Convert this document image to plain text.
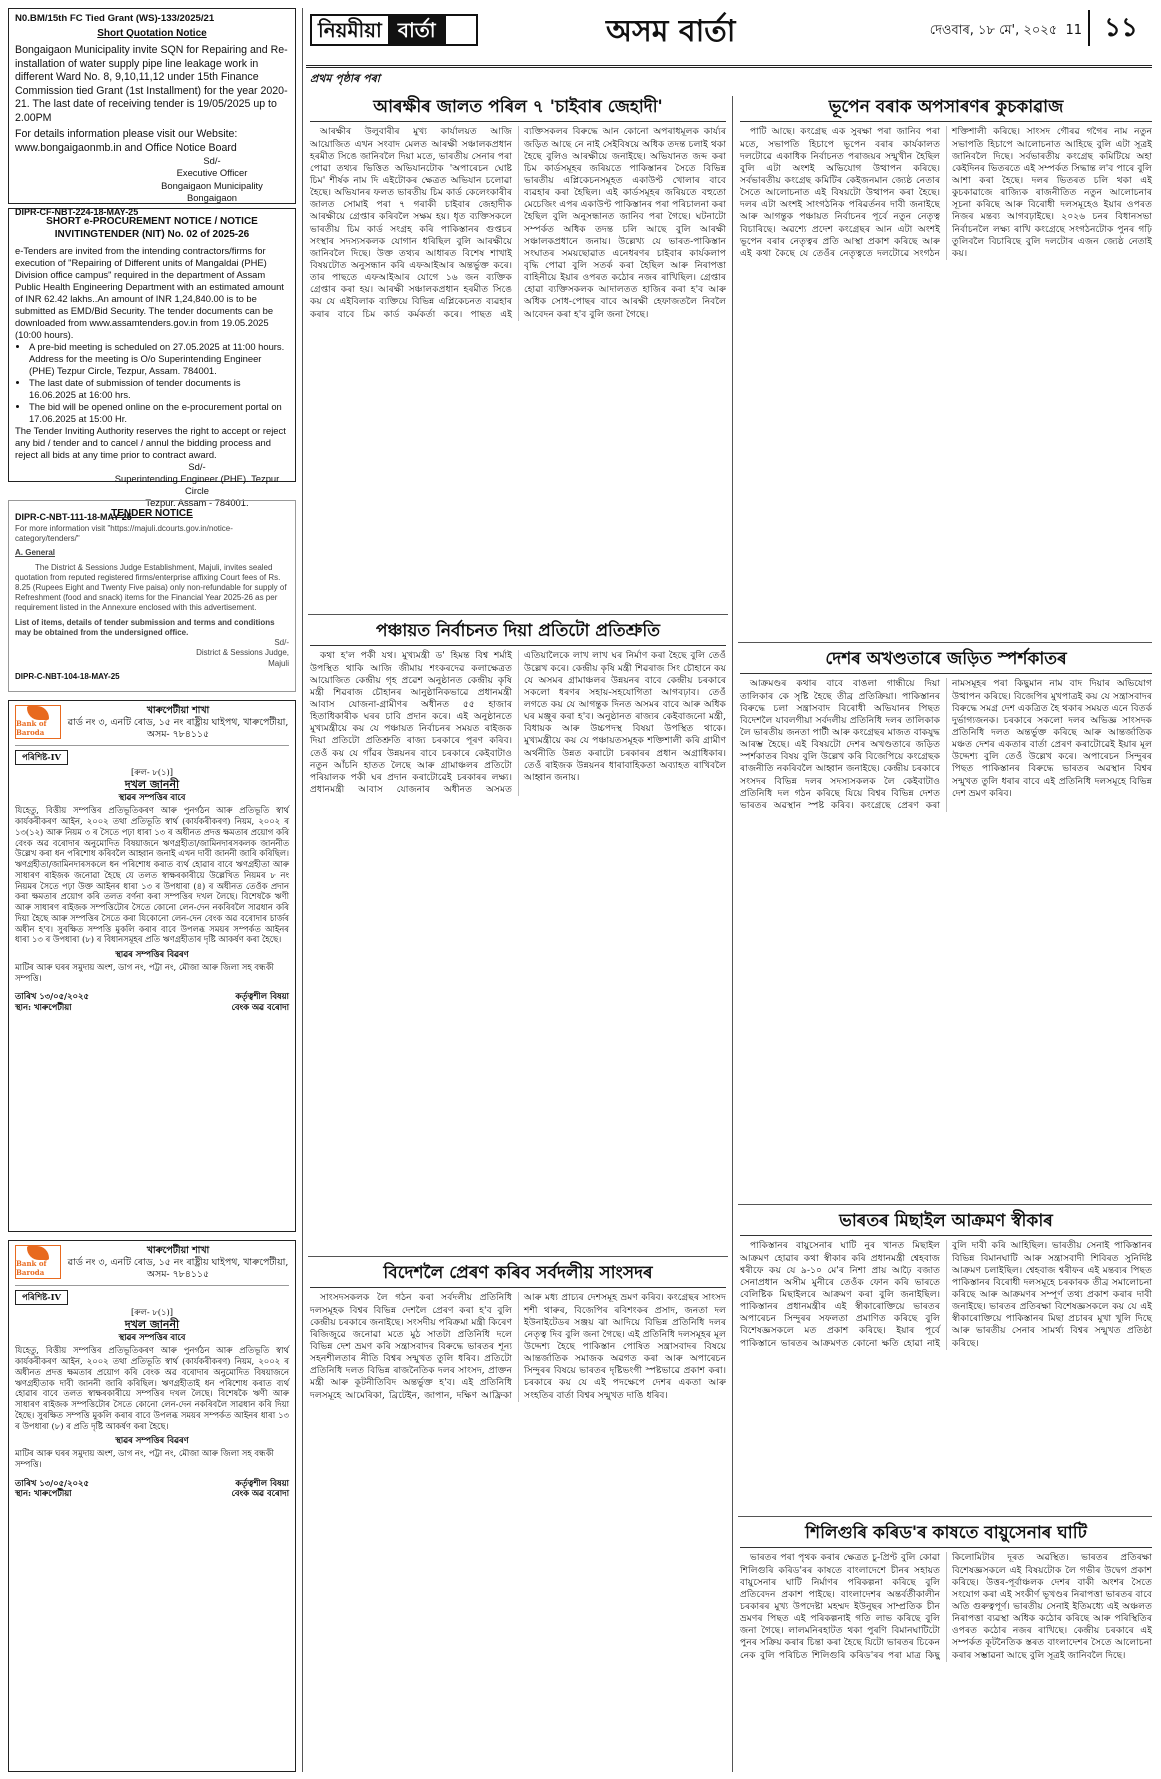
নিয়মীয়া বাৰ্তা	অসম বাৰ্তা	দেওবাৰ, ১৮ মে', ২০২৫ 11 ১১
প্ৰথম পৃষ্ঠাৰ পৰা
N0.BM/15th FC Tied Grant (WS)-133/2025/21
Short Quotation Notice

Bongaigaon Municipality invite SQN for Repairing and Re-installation of water supply pipe line leakage work in different Ward No. 8, 9,10,11,12 under 15th Finance Commission tied Grant (1st Installment) for the year 2020-21. The last date of receiving tender is 19/05/2025 up to 2.00PM

For details information please visit our Website: www.bongaigaonmb.in and Office Notice Board

Sd/-
Executive Officer
Bongaigaon Municipality
Bongaigaon
DIPR-CF-NBT-224-18-MAY-25
SHORT e-PROCUREMENT NOTICE / NOTICE INVITINGTENDER (NIT) No. 02 of 2025-26

e-Tenders are invited from the intending contractors/firms for execution of "Repairing of Different units of Mangaldai (PHE) Division office campus" required in the department of Assam Public Health Engineering Department with an estimated amount of INR 62.42 lakhs..An amount of INR 1,24,840.00 is to be submitted as EMD/Bid Security. The tender documents can be downloaded from www.assamtenders.gov.in from 19.05.2025 (10:00 hours).

• A pre-bid meeting is scheduled on 27.05.2025 at 11:00 hours. Address for the meeting is O/o Superintending Engineer (PHE) Tezpur Circle, Tezpur, Assam. 784001.
• The last date of submission of tender documents is 16.06.2025 at 16:00 hrs.
• The bid will be opened online on the e-procurement portal on 17.06.2025 at 15:00 Hr.

The Tender Inviting Authority reserves the right to accept or reject any bid / tender and to cancel / annul the bidding process and reject all bids at any time prior to contract award.

Sd/-
Superintending Engineer (PHE). Tezpur Circle
Tezpur. Assam - 784001.
DIPR-C-NBT-111-18-MAY-25
TENDER NOTICE
For more information visit "https://majuli.dcourts.gov.in/notice-category/tenders/"
A. General

The District & Sessions Judge Establishment, Majuli, invites sealed quotation from reputed registered firms/enterprise affixing Court fees of Rs. 8.25 (Rupees Eight and Twenty Five paisa) only non-refundable for supply of Refreshment (food and snack) items for the Financial Year 2025-26 as per requirement listed in the Annexure enclosed with this advertisement.

List of items, details of tender submission and terms and conditions may be obtained from the undersigned office.

Sd/-
District & Sessions Judge,
Majuli
DIPR-C-NBT-104-18-MAY-25
Bank of Baroda
খাৰুপেটীয়া শাখা
ৱাৰ্ড নং ৩, এনটি ৰোড, ১৫ নং ৰাষ্ট্ৰীয় ঘাইপথ, খাৰুপেটীয়া, অসম- ৭৮৪১১৫
পৰিশিষ্ট-IV
[ৰুল- ৮(১)]
দখল জাননী
স্থাৱৰ সম্পত্তিৰ বাবে

যিহেতু, বিত্তীয় সম্পত্তিৰ প্ৰতিভূতিকৰণ আৰু পুনৰ্গঠন আৰু প্ৰতিভূতি স্বাৰ্থ কাৰ্যকৰীকৰণ আইন, ২০০২ তথা প্ৰতিভূতি স্বাৰ্থ (কাৰ্যকৰীকৰণ) নিয়ম, ২০০২ ৰ ১৩(১২) আৰু নিয়ম ৩ ৰ সৈতে পঢ়া ধাৰা ১৩ ৰ অধীনত প্ৰদত্ত ক্ষমতাৰ প্ৰয়োগ কৰি বেংক অৱ বৰোদাৰ অনুমোদিত বিষয়াজনে ঋণগ্ৰহীতা/জামিনদাৰসকলক জাননীত উল্লেখ কৰা ধন পৰিশোধ কৰিবলৈ আহ্বান জনাই এখন দাবী জাননী জাৰি কৰিছিল। ঋণগ্ৰহীতা/জামিনদাৰসকলে ধন পৰিশোধ কৰাত ব্যৰ্থ হোৱাৰ বাবে ঋণগ্ৰহীতা আৰু সাধাৰণ ৰাইজক জনোৱা হৈছে যে তলত স্বাক্ষৰকাৰীয়ে উল্লেখিত নিয়মৰ ৮ নং নিয়মৰ সৈতে পঢ়া উক্ত আইনৰ ধাৰা ১৩ ৰ উপধাৰা (৪) ৰ অধীনত তেওঁক প্ৰদান কৰা ক্ষমতাৰ প্ৰয়োগ কৰি তলত বৰ্ণনা কৰা সম্পত্তিৰ দখল লৈছে। বিশেষকৈ ঋণী আৰু সাধাৰণ ৰাইজক সম্পত্তিটোৰ সৈতে কোনো লেন-দেন নকৰিবলৈ সাৱধান কৰি দিয়া হৈছে আৰু সম্পত্তিৰ সৈতে কৰা যিকোনো লেন-দেন বেংক অৱ বৰোদাৰ চাৰ্জৰ অধীন হ'ব। সুৰক্ষিত সম্পত্তি মুকলি কৰাৰ বাবে উপলব্ধ সময়ৰ সম্পৰ্কত আইনৰ ধাৰা ১৩ ৰ উপধাৰা (৮) ৰ বিধানসমূহৰ প্ৰতি ঋণগ্ৰহীতাৰ দৃষ্টি আকৰ্ষণ কৰা হৈছে।

স্থাৱৰ সম্পত্তিৰ বিৱৰণ

মাটিৰ আৰু ঘৰৰ সমুদায় অংশ, ডাগ নং, পট্টা নং, মৌজা আৰু জিলা সহ বন্ধকী সম্পত্তি।

তাৰিখ ১৩/০৫/২০২৫
স্থান: খাৰুপেটীয়া
কৰ্তৃত্বশীল বিষয়া
বেংক অৱ বৰোদা
Bank of Baroda
খাৰুপেটীয়া শাখা
ৱাৰ্ড নং ৩, এনটি ৰোড, ১৫ নং ৰাষ্ট্ৰীয় ঘাইপথ, খাৰুপেটীয়া, অসম- ৭৮৪১১৫
পৰিশিষ্ট-IV
[ৰুল- ৮(১)]
দখল জাননী
স্থাৱৰ সম্পত্তিৰ বাবে

যিহেতু, বিত্তীয় সম্পত্তিৰ প্ৰতিভূতিকৰণ আৰু পুনৰ্গঠন আৰু প্ৰতিভূতি স্বাৰ্থ কাৰ্যকৰীকৰণ আইন, ২০০২ তথা প্ৰতিভূতি স্বাৰ্থ (কাৰ্যকৰীকৰণ) নিয়ম, ২০০২ ৰ অধীনত প্ৰদত্ত ক্ষমতাৰ প্ৰয়োগ কৰি বেংক অৱ বৰোদাৰ অনুমোদিত বিষয়াজনে ঋণগ্ৰহীতাক দাবী জাননী জাৰি কৰিছিল। ঋণগ্ৰহীতাই ধন পৰিশোধ কৰাত ব্যৰ্থ হোৱাৰ বাবে তলত স্বাক্ষৰকাৰীয়ে সম্পত্তিৰ দখল লৈছে। বিশেষকৈ ঋণী আৰু সাধাৰণ ৰাইজক সম্পত্তিটোৰ সৈতে কোনো লেন-দেন নকৰিবলৈ সাৱধান কৰি দিয়া হৈছে। সুৰক্ষিত সম্পত্তি মুকলি কৰাৰ বাবে উপলব্ধ সময়ৰ সম্পৰ্কত আইনৰ ধাৰা ১৩ ৰ উপধাৰা (৮) ৰ প্ৰতি দৃষ্টি আকৰ্ষণ কৰা হৈছে।

স্থাৱৰ সম্পত্তিৰ বিৱৰণ

মাটিৰ আৰু ঘৰৰ সমুদায় অংশ, ডাগ নং, পট্টা নং, মৌজা আৰু জিলা সহ বন্ধকী সম্পত্তি।

তাৰিখ ১৩/০৫/২০২৫
স্থান: খাৰুপেটীয়া
কৰ্তৃত্বশীল বিষয়া
বেংক অৱ বৰোদা
আৰক্ষীৰ জালত পৰিল ৭ 'চাইবাৰ জেহাদী'

আৰক্ষীৰ উলুবাৰীৰ মুখ্য কাৰ্যালয়ত আজি আয়োজিত এখন সংবাদ মেলত আৰক্ষী সঞ্চালকপ্ৰধান হৰমীত সিঙে জানিবলৈ দিয়া মতে, ভাৰতীয় সেনাৰ পৰা পোৱা তথ্যৰ ভিত্তিত অভিযানটোক 'অপাৰেচন ঘোষ্ট চিম' শীৰ্ষক নাম দি এইটোকৰ ক্ষেত্ৰত অভিযান চলোৱা হৈছে। অভিযানৰ ফলত ভাৰতীয় চিম কাৰ্ড কেলেংকাৰীৰ জালত সোমাই পৰা ৭ গৰাকী চাইবাৰ জেহাদীক আৰক্ষীয়ে গ্ৰেপ্তাৰ কৰিবলৈ সক্ষম হয়। ধৃত ব্যক্তিসকলে ভাৰতীয় চিম কাৰ্ড সংগ্ৰহ কৰি পাকিস্তানৰ গুপ্তচৰ সংস্থাৰ সদস্যসকলক যোগান ধৰিছিল বুলি আৰক্ষীয়ে জানিবলৈ দিছে। উক্ত তথ্যৰ আধাৰত বিশেষ শাখাই বিষয়টোত অনুসন্ধান কৰি এফআইআৰ অন্তৰ্ভুক্ত কৰে। তাৰ পাছতে এফআইআৰ যোগে ১৬ জন ব্যক্তিক গ্ৰেপ্তাৰ কৰা হয়। আৰক্ষী সঞ্চালকপ্ৰধান হৰমীত সিঙে কয় যে এইবিলাক ব্যক্তিয়ে বিভিন্ন এপ্লিকেচনত ব্যৱহাৰ কৰাৰ বাবে চিম কাৰ্ড কৰ্মকৰ্তা কৰে। পাছত এই ব্যক্তিসকলৰ বিৰুদ্ধে আন কোনো অপৰাধমূলক কাৰ্য্যৰ জড়িত আছে নে নাই সেইবিষয়ে অধিক তদন্ত চলাই থকা হৈছে বুলিও আৰক্ষীয়ে জনাইছে। অভিযানত জব্দ কৰা চিম কাৰ্ডসমূহৰ জৰিয়তে পাকিস্তানৰ সৈতে বিভিন্ন ভাৰতীয় এপ্লিকেচনসমূহত একাউণ্ট খোলাৰ বাবে ব্যৱহাৰ কৰা হৈছিল। এই কাৰ্ডসমূহৰ জৰিয়তে বহুতো মেচেজিং এপৰ একাউণ্ট পাকিস্তানৰ পৰা পৰিচালনা কৰা হৈছিল বুলি অনুসন্ধানত জানিব পৰা গৈছে। ঘটনাটো সম্পৰ্কত অধিক তদন্ত চলি আছে বুলি আৰক্ষী সঞ্চালকপ্ৰধানে জনায়। উল্লেখ্য যে ভাৰত-পাকিস্তান সংঘাতৰ সময়ছোৱাত এনেধৰণৰ চাইবাৰ কাৰ্যকলাপ বৃদ্ধি পোৱা বুলি সতৰ্ক কৰা হৈছিল আৰু নিৰাপত্তা বাহিনীয়ে ইয়াৰ ওপৰত কঠোৰ নজৰ ৰাখিছিল। গ্ৰেপ্তাৰ হোৱা ব্যক্তিসকলক আদালতত হাজিৰ কৰা হ'ব আৰু অধিক সোধ-পোছৰ বাবে আৰক্ষী হেফাজতলৈ নিবলৈ আবেদন কৰা হ'ব বুলি জনা গৈছে।

পঞ্চায়ত নিৰ্বাচনত দিয়া প্ৰতিটো প্ৰতিশ্ৰুতি

কথা হ'ল পৰ্কী যথ। মুখ্যমন্ত্ৰী ড' হিমন্ত বিশ্ব শৰ্মাই উপস্থিত থাকি আজি জীমায় শংকৰদেৱ কলাক্ষেত্ৰত আয়োজিত কেন্দ্ৰীয় গৃহ প্ৰৱেশ অনুষ্ঠানত কেন্দ্ৰীয় কৃষি মন্ত্ৰী শিৱৰাজ চৌহানৰ আনুষ্ঠানিকভাৱে প্ৰধানমন্ত্ৰী আবাস যোজনা-গ্ৰামীণৰ অধীনত ৫৫ হাজাৰ হিতাধিকাৰীক ঘৰৰ চাবি প্ৰদান কৰে। এই অনুষ্ঠানতে মুখ্যমন্ত্ৰীয়ে কয় যে পঞ্চায়ত নিৰ্বাচনৰ সময়ত ৰাইজক দিয়া প্ৰতিটো প্ৰতিশ্ৰুতি ৰাজ্য চৰকাৰে পূৰণ কৰিব। তেওঁ কয় যে গাঁৱৰ উন্নয়নৰ বাবে চৰকাৰে কেইবাটাও নতুন আঁচনি হাতত লৈছে আৰু গ্ৰামাঞ্চলৰ প্ৰতিটো পৰিয়ালক পকী ঘৰ প্ৰদান কৰাটোৱেই চৰকাৰৰ লক্ষ্য। প্ৰধানমন্ত্ৰী আবাস যোজনাৰ অধীনত অসমত এতিয়ালৈকে লাখ লাখ ঘৰ নিৰ্মাণ কৰা হৈছে বুলি তেওঁ উল্লেখ কৰে। কেন্দ্ৰীয় কৃষি মন্ত্ৰী শিৱৰাজ সিং চৌহানে কয় যে অসমৰ গ্ৰামাঞ্চলৰ উন্নয়নৰ বাবে কেন্দ্ৰীয় চৰকাৰে সকলো ধৰণৰ সহায়-সহযোগিতা আগবঢ়াব। তেওঁ লগতে কয় যে আগন্তুক দিনত অসমৰ বাবে আৰু অধিক ঘৰ মঞ্জুৰ কৰা হ'ব। অনুষ্ঠানত ৰাজ্যৰ কেইবাজনো মন্ত্ৰী, বিধায়ক আৰু উচ্চপদস্থ বিষয়া উপস্থিত থাকে। মুখ্যমন্ত্ৰীয়ে কয় যে পঞ্চায়তসমূহক শক্তিশালী কৰি গ্ৰামীণ অৰ্থনীতি উন্নত কৰাটো চৰকাৰৰ প্ৰধান অগ্ৰাধিকাৰ। তেওঁ ৰাইজক উন্নয়নৰ ধাৰাবাহিকতা অব্যাহত ৰাখিবলৈ আহ্বান জনায়।

বিদেশলৈ প্ৰেৰণ কৰিব সৰ্বদলীয় সাংসদৰ

সাংসদসকলক লৈ গঠন কৰা সৰ্বদলীয় প্ৰতিনিধি দলসমূহক বিশ্বৰ বিভিন্ন দেশলৈ প্ৰেৰণ কৰা হ'ব বুলি কেন্দ্ৰীয় চৰকাৰে জনাইছে। সংসদীয় পৰিক্ৰমা মন্ত্ৰী কিৰেণ ৰিজিজুৱে জনোৱা মতে মুঠ সাতটা প্ৰতিনিধি দলে বিভিন্ন দেশ ভ্ৰমণ কৰি সন্ত্ৰাসবাদৰ বিৰুদ্ধে ভাৰতৰ শূন্য সহনশীলতাৰ নীতি বিশ্বৰ সন্মুখত তুলি ধৰিব। প্ৰতিটো প্ৰতিনিধি দলত বিভিন্ন ৰাজনৈতিক দলৰ সাংসদ, প্ৰাক্তন মন্ত্ৰী আৰু কূটনীতিবিদ অন্তৰ্ভুক্ত হ'ব। এই প্ৰতিনিধি দলসমূহে আমেৰিকা, ব্ৰিটেইন, জাপান, দক্ষিণ আফ্ৰিকা আৰু মধ্য প্ৰাচ্যৰ দেশসমূহ ভ্ৰমণ কৰিব। কংগ্ৰেছৰ সাংসদ শশী থাৰুৰ, বিজেপিৰ ৰবিশংকৰ প্ৰসাদ, জনতা দল ইউনাইটেডৰ সঞ্জয় ঝা আদিয়ে বিভিন্ন প্ৰতিনিধি দলৰ নেতৃত্ব দিব বুলি জনা গৈছে। এই প্ৰতিনিধি দলসমূহৰ মূল উদ্দেশ্য হৈছে পাকিস্তান পোষিত সন্ত্ৰাসবাদৰ বিষয়ে আন্তৰ্জাতিক সমাজক অৱগত কৰা আৰু অপাৰেচন সিন্দুৰৰ বিষয়ে ভাৰতৰ দৃষ্টিভংগী স্পষ্টভাৱে প্ৰকাশ কৰা। চৰকাৰে কয় যে এই পদক্ষেপে দেশৰ একতা আৰু সংহতিৰ বাৰ্তা বিশ্বৰ সন্মুখত দাঙি ধৰিব।

ভূপেন বৰাক অপসাৰণৰ কুচকাৱাজ

পাটি আছে। কংগ্ৰেছ এক সুৰক্ষা পৰা জানিব পৰা মতে, সভাপতি হিচাপে ভূপেন বৰাৰ কাৰ্যকালত দলটোৱে একাধিক নিৰ্বাচনত পৰাজয়ৰ সন্মুখীন হৈছিল বুলি এটা অংশই অভিযোগ উত্থাপন কৰিছে। সৰ্বভাৰতীয় কংগ্ৰেছ কমিটিৰ কেইজনমান জ্যেষ্ঠ নেতাৰ সৈতে আলোচনাত এই বিষয়টো উত্থাপন কৰা হৈছে। দলৰ এটা অংশই সাংগঠনিক পৰিৱৰ্তনৰ দাবী জনাইছে আৰু আগন্তুক পঞ্চায়ত নিৰ্বাচনৰ পূৰ্বে নতুন নেতৃত্ব বিচাৰিছে। অৱশ্যে প্ৰদেশ কংগ্ৰেছৰ আন এটা অংশই ভূপেন বৰাৰ নেতৃত্বৰ প্ৰতি আস্থা প্ৰকাশ কৰিছে আৰু এই কথা কৈছে যে তেওঁৰ নেতৃত্বতে দলটোৱে সংগঠন শক্তিশালী কৰিছে। সাংসদ গৌৰৱ গগৈৰ নাম নতুন সভাপতি হিচাপে আলোচনাত আহিছে বুলি এটা সূত্ৰই জানিবলৈ দিছে। সৰ্বভাৰতীয় কংগ্ৰেছ কমিটিয়ে অহা কেইদিনৰ ভিতৰতে এই সম্পৰ্কত সিদ্ধান্ত ল'ব পাৰে বুলি আশা কৰা হৈছে। দলৰ ভিতৰত চলি থকা এই কুচকাৱাজে ৰাজ্যিক ৰাজনীতিত নতুন আলোচনাৰ সূচনা কৰিছে আৰু বিৰোধী দলসমূহেও ইয়াৰ ওপৰত নিজৰ মন্তব্য আগবঢ়াইছে। ২০২৬ চনৰ বিধানসভা নিৰ্বাচনলৈ লক্ষ্য ৰাখি কংগ্ৰেছে সংগঠনটোক পুনৰ গঢ়ি তুলিবলৈ বিচাৰিছে বুলি দলটোৰ এজন জ্যেষ্ঠ নেতাই কয়।

দেশৰ অখণ্ডতাৰে জড়িত স্পৰ্শকাতৰ

আক্ৰমণ্ডৰ কথাৰ বাবে বাঙলা গান্ধীয়ে দিয়া তালিকাৰ কে সৃষ্টি হৈছে তীব্ৰ প্ৰতিক্ৰিয়া। পাকিস্তানৰ বিৰুদ্ধে চলা সন্ত্ৰাসবাদ বিৰোধী অভিযানৰ পিছত বিদেশলৈ যাবলগীয়া সৰ্বদলীয় প্ৰতিনিধি দলৰ তালিকাক লৈ ভাৰতীয় জনতা পাৰ্টী আৰু কংগ্ৰেছৰ মাজত বাকযুদ্ধ আৰম্ভ হৈছে। এই বিষয়টো দেশৰ অখণ্ডতাৰে জড়িত স্পৰ্শকাতৰ বিষয় বুলি উল্লেখ কৰি বিজেপিয়ে কংগ্ৰেছক ৰাজনীতি নকৰিবলৈ আহ্বান জনাইছে। কেন্দ্ৰীয় চৰকাৰে সংসদৰ বিভিন্ন দলৰ সদস্যসকলক লৈ কেইবাটাও প্ৰতিনিধি দল গঠন কৰিছে যিয়ে বিশ্বৰ বিভিন্ন দেশত ভাৰতৰ অৱস্থান স্পষ্ট কৰিব। কংগ্ৰেছে প্ৰেৰণ কৰা নামসমূহৰ পৰা কিছুমান নাম বাদ দিয়াৰ অভিযোগ উত্থাপন কৰিছে। বিজেপিৰ মুখপাত্ৰই কয় যে সন্ত্ৰাসবাদৰ বিৰুদ্ধে সমগ্ৰ দেশ একত্ৰিত হৈ থকাৰ সময়ত এনে বিতৰ্ক দুৰ্ভাগ্যজনক। চৰকাৰে সকলো দলৰ অভিজ্ঞ সাংসদক প্ৰতিনিধি দলত অন্তৰ্ভুক্ত কৰিছে আৰু আন্তৰ্জাতিক মঞ্চত দেশৰ একতাৰ বাৰ্তা প্ৰেৰণ কৰাটোৱেই ইয়াৰ মূল উদ্দেশ্য বুলি তেওঁ উল্লেখ কৰে। অপাৰেচন সিন্দুৰৰ পিছত পাকিস্তানৰ বিৰুদ্ধে ভাৰতৰ অৱস্থান বিশ্বৰ সন্মুখত তুলি ধৰাৰ বাবে এই প্ৰতিনিধি দলসমূহে বিভিন্ন দেশ ভ্ৰমণ কৰিব।

ভাৰতৰ মিছাইল আক্ৰমণ স্বীকাৰ

পাকিস্তানৰ বায়ুসেনাৰ ঘাটি নুৰ খানত মিছাইল আক্ৰমণ হোৱাৰ কথা স্বীকাৰ কৰি প্ৰধানমন্ত্ৰী শ্বেহবাজ শ্বৰীফে কয় যে ৯-১০ মে'ৰ নিশা প্ৰায় আঢ়ৈ বজাত সেনাপ্ৰধান অসীম মুনীৰে তেওঁক ফোন কৰি ভাৰতে বেলিষ্টিক মিছাইলৰে আক্ৰমণ কৰা বুলি জনাইছিল। পাকিস্তানৰ প্ৰধানমন্ত্ৰীৰ এই স্বীকাৰোক্তিয়ে ভাৰতৰ অপাৰেচন সিন্দুৰৰ সফলতা প্ৰমাণিত কৰিছে বুলি বিশেষজ্ঞসকলে মত প্ৰকাশ কৰিছে। ইয়াৰ পূৰ্বে পাকিস্তানে ভাৰতৰ আক্ৰমণত কোনো ক্ষতি হোৱা নাই বুলি দাবী কৰি আহিছিল। ভাৰতীয় সেনাই পাকিস্তানৰ বিভিন্ন বিমানঘাটি আৰু সন্ত্ৰাসবাদী শিবিৰত সুনিৰ্দিষ্ট আক্ৰমণ চলাইছিল। শ্বেহবাজ শ্বৰীফৰ এই মন্তব্যৰ পিছত পাকিস্তানৰ বিৰোধী দলসমূহে চৰকাৰক তীব্ৰ সমালোচনা কৰিছে আৰু আক্ৰমণৰ সম্পূৰ্ণ তথ্য প্ৰকাশ কৰাৰ দাবী জনাইছে। ভাৰতৰ প্ৰতিৰক্ষা বিশেষজ্ঞসকলে কয় যে এই স্বীকাৰোক্তিয়ে পাকিস্তানৰ মিছা প্ৰচাৰৰ মুখা খুলি দিছে আৰু ভাৰতীয় সেনাৰ সামৰ্থ্য বিশ্বৰ সন্মুখত প্ৰতিষ্ঠা কৰিছে।

শিলিগুৰি কৰিড'ৰ কাষতে বায়ুসেনাৰ ঘাটি

ভাৰতৰ পৰা পৃথক কৰাৰ ক্ষেত্ৰত চু-প্ৰিণ্ট বুলি কোৱা শিলিগুৰি কৰিড'ৰৰ কাষতে বাংলাদেশে চীনৰ সহায়ত বায়ুসেনাৰ ঘাটি নিৰ্মাণৰ পৰিকল্পনা কৰিছে বুলি প্ৰতিবেদন প্ৰকাশ পাইছে। বাংলাদেশৰ অন্তৰ্বৰ্তীকালীন চৰকাৰৰ মুখ্য উপদেষ্টা মহম্মদ ইউনুছৰ সাম্প্ৰতিক চীন ভ্ৰমণৰ পিছত এই পৰিকল্পনাই গতি লাভ কৰিছে বুলি জনা গৈছে। লালমনিৰহাটত থকা পুৰণি বিমানঘাটিটো পুনৰ সক্ৰিয় কৰাৰ চিন্তা কৰা হৈছে যিটো ভাৰতৰ চিকেন নেক বুলি পৰিচিত শিলিগুৰি কৰিড'ৰৰ পৰা মাত্ৰ কিছু কিলোমিটাৰ দূৰত অৱস্থিত। ভাৰতৰ প্ৰতিৰক্ষা বিশেষজ্ঞসকলে এই বিষয়টোক লৈ গভীৰ উদ্বেগ প্ৰকাশ কৰিছে। উত্তৰ-পূৰ্বাঞ্চলক দেশৰ বাকী অংশৰ সৈতে সংযোগ কৰা এই সংকীৰ্ণ ভূখণ্ডৰ নিৰাপত্তা ভাৰতৰ বাবে অতি গুৰুত্বপূৰ্ণ। ভাৰতীয় সেনাই ইতিমধ্যে এই অঞ্চলত নিৰাপত্তা ব্যৱস্থা অধিক কঠোৰ কৰিছে আৰু পৰিস্থিতিৰ ওপৰত কঠোৰ নজৰ ৰাখিছে। কেন্দ্ৰীয় চৰকাৰে এই সম্পৰ্কত কূটনৈতিক স্তৰত বাংলাদেশৰ সৈতে আলোচনা কৰাৰ সম্ভাৱনা আছে বুলি সূত্ৰই জানিবলৈ দিছে।
